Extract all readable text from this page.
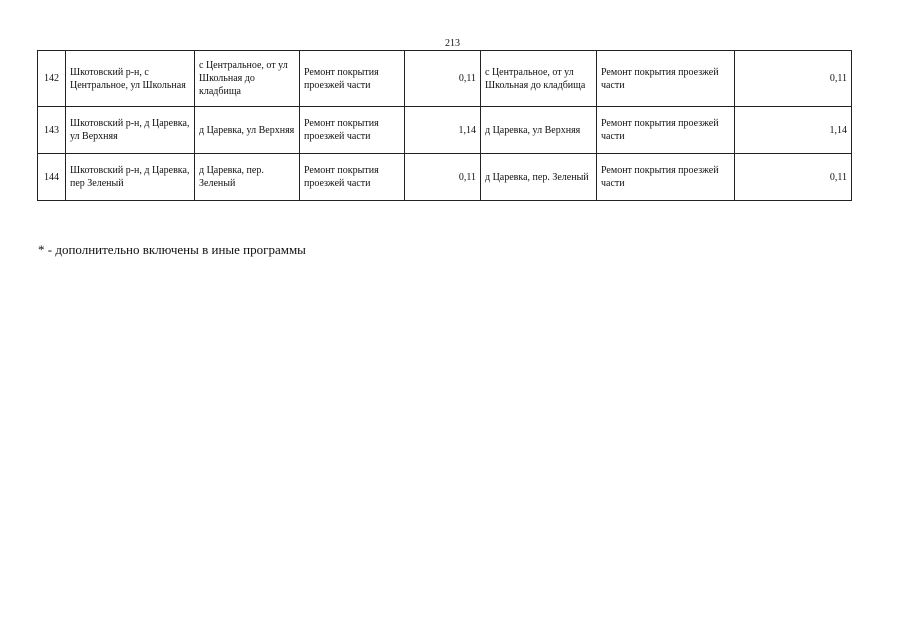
213
142	Шкотовский р-н, с Центральное, ул Школьная	с Центральное, от ул Школьная до кладбища	Ремонт покрытия проезжей части	0,11	с Центральное, от ул Школьная до кладбища	Ремонт покрытия проезжей части	0,11
143	Шкотовский р-н, д Царевка, ул Верхняя	д Царевка, ул Верхняя	Ремонт покрытия проезжей части	1,14	д Царевка, ул Верхняя	Ремонт покрытия проезжей части	1,14
144	Шкотовский р-н, д Царевка, пер Зеленый	д Царевка, пер. Зеленый	Ремонт покрытия проезжей части	0,11	д Царевка, пер. Зеленый	Ремонт покрытия проезжей части	0,11
* - дополнительно включены в иные программы
